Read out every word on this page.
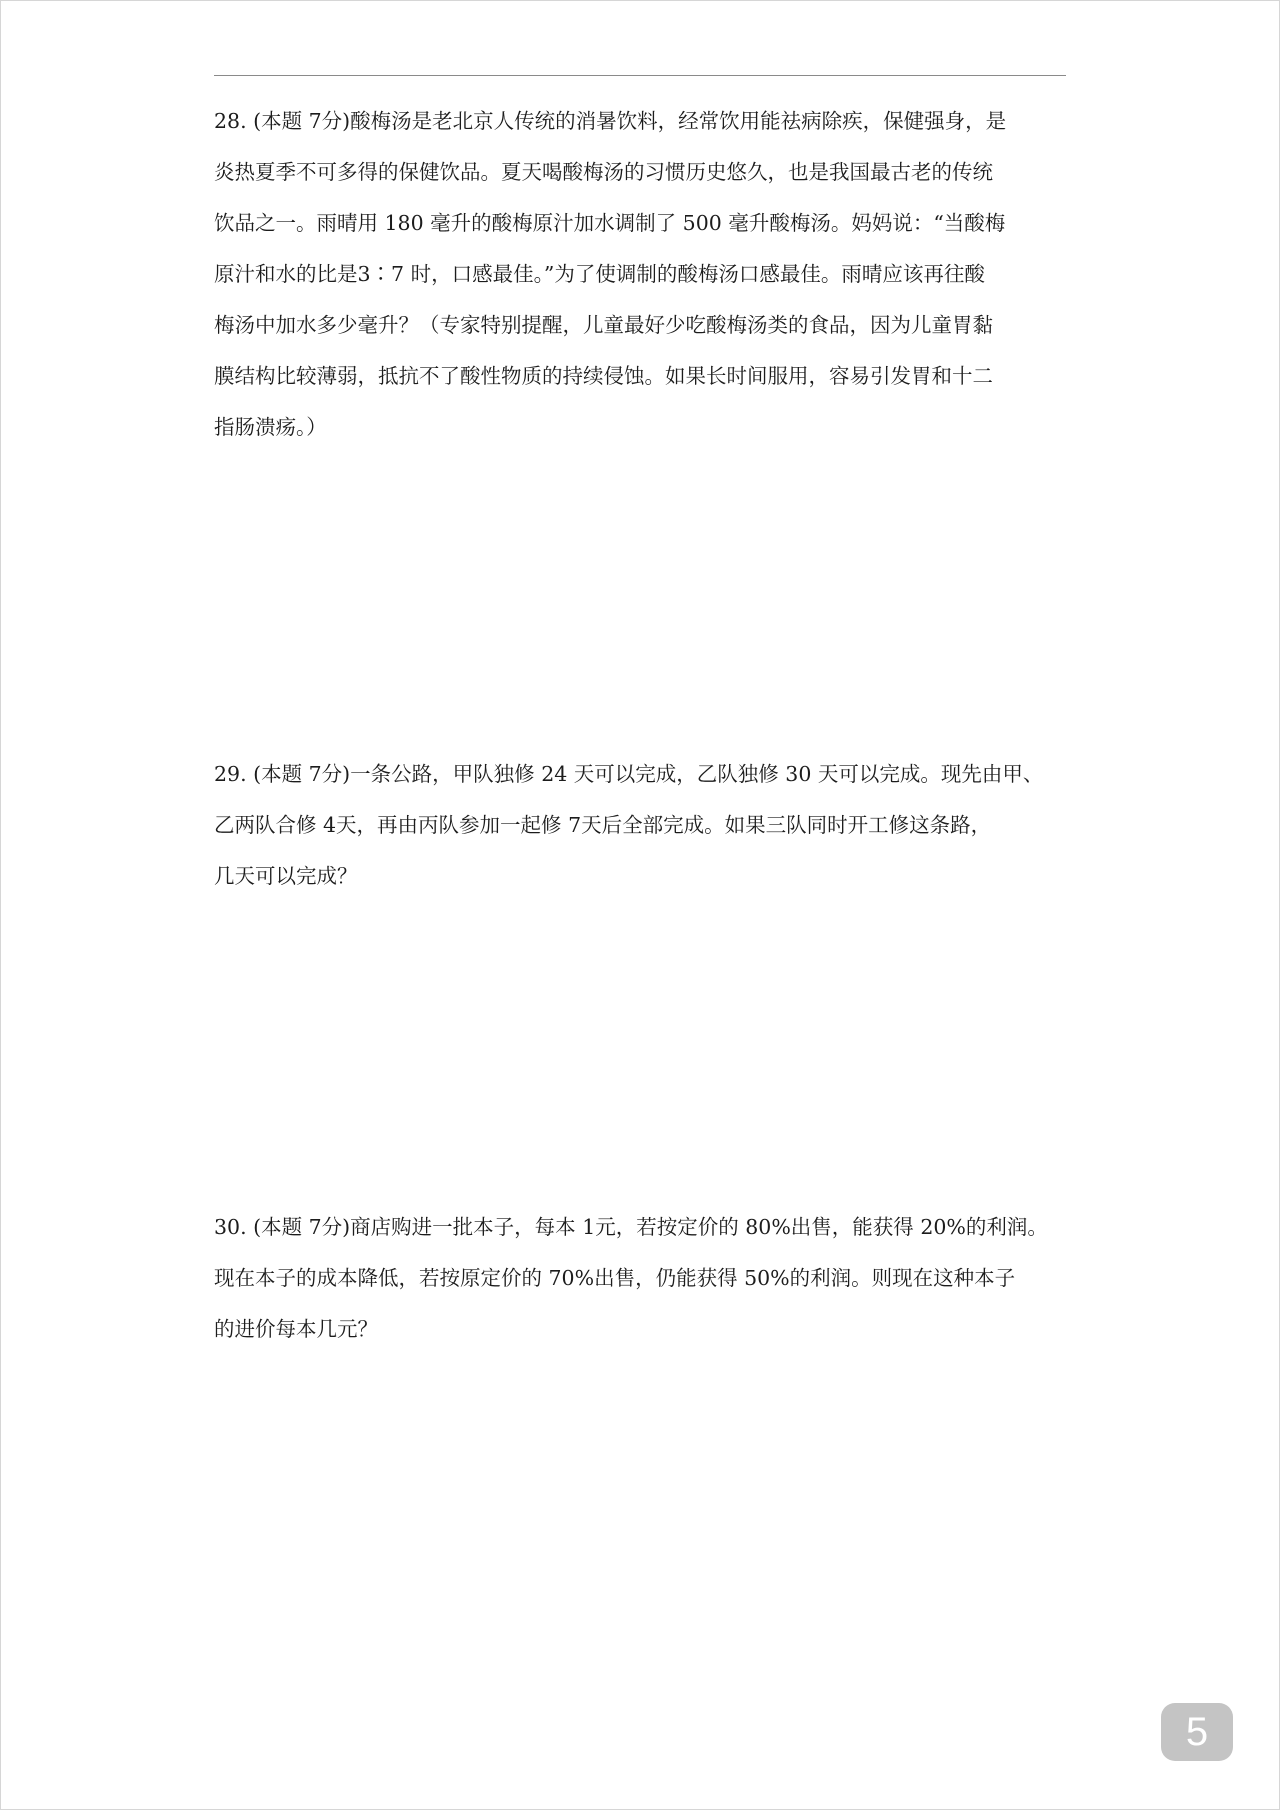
28. (本题 7分)酸梅汤是老北京人传统的消暑饮料，经常饮用能祛病除疾，保健强身，是

炎热夏季不可多得的保健饮品。夏天喝酸梅汤的习惯历史悠久，也是我国最古老的传统

饮品之一。雨晴用 180 毫升的酸梅原汁加水调制了 500 毫升酸梅汤。妈妈说：“当酸梅

原汁和水的比是3∶7 时，口感最佳。”为了使调制的酸梅汤口感最佳。雨晴应该再往酸

梅汤中加水多少毫升？（专家特别提醒，儿童最好少吃酸梅汤类的食品，因为儿童胃黏

膜结构比较薄弱，抵抗不了酸性物质的持续侵蚀。如果长时间服用，容易引发胃和十二

指肠溃疡。）

29. (本题 7分)一条公路，甲队独修 24 天可以完成，乙队独修 30 天可以完成。现先由甲、

乙两队合修 4天，再由丙队参加一起修 7天后全部完成。如果三队同时开工修这条路，

几天可以完成？

30. (本题 7分)商店购进一批本子，每本 1元，若按定价的 80%出售，能获得 20%的利润。

现在本子的成本降低，若按原定价的 70%出售，仍能获得 50%的利润。则现在这种本子

的进价每本几元？

5
